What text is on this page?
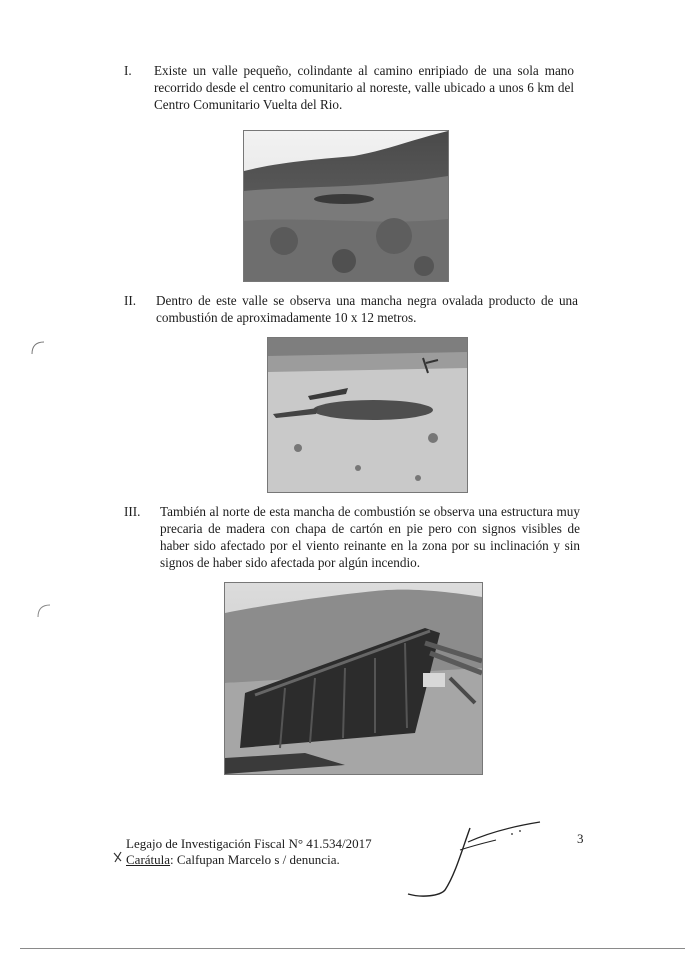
I. Existe un valle pequeño, colindante al camino enripiado de una sola mano recorrido desde el centro comunitario al noreste, valle ubicado a unos 6 km del Centro Comunitario Vuelta del Rio.
II. Dentro de este valle se observa una mancha negra ovalada producto de una combustión de aproximadamente 10 x 12 metros.
III. También al norte de esta mancha de combustión se observa una estructura muy precaria de madera con chapa de cartón en pie pero con signos visibles de haber sido afectado por el viento reinante en la zona por su inclinación y sin signos de haber sido afectada por algún incendio.
Legajo de Investigación Fiscal N° 41.534/2017
Carátula: Calfupan Marcelo s / denuncia.
3
